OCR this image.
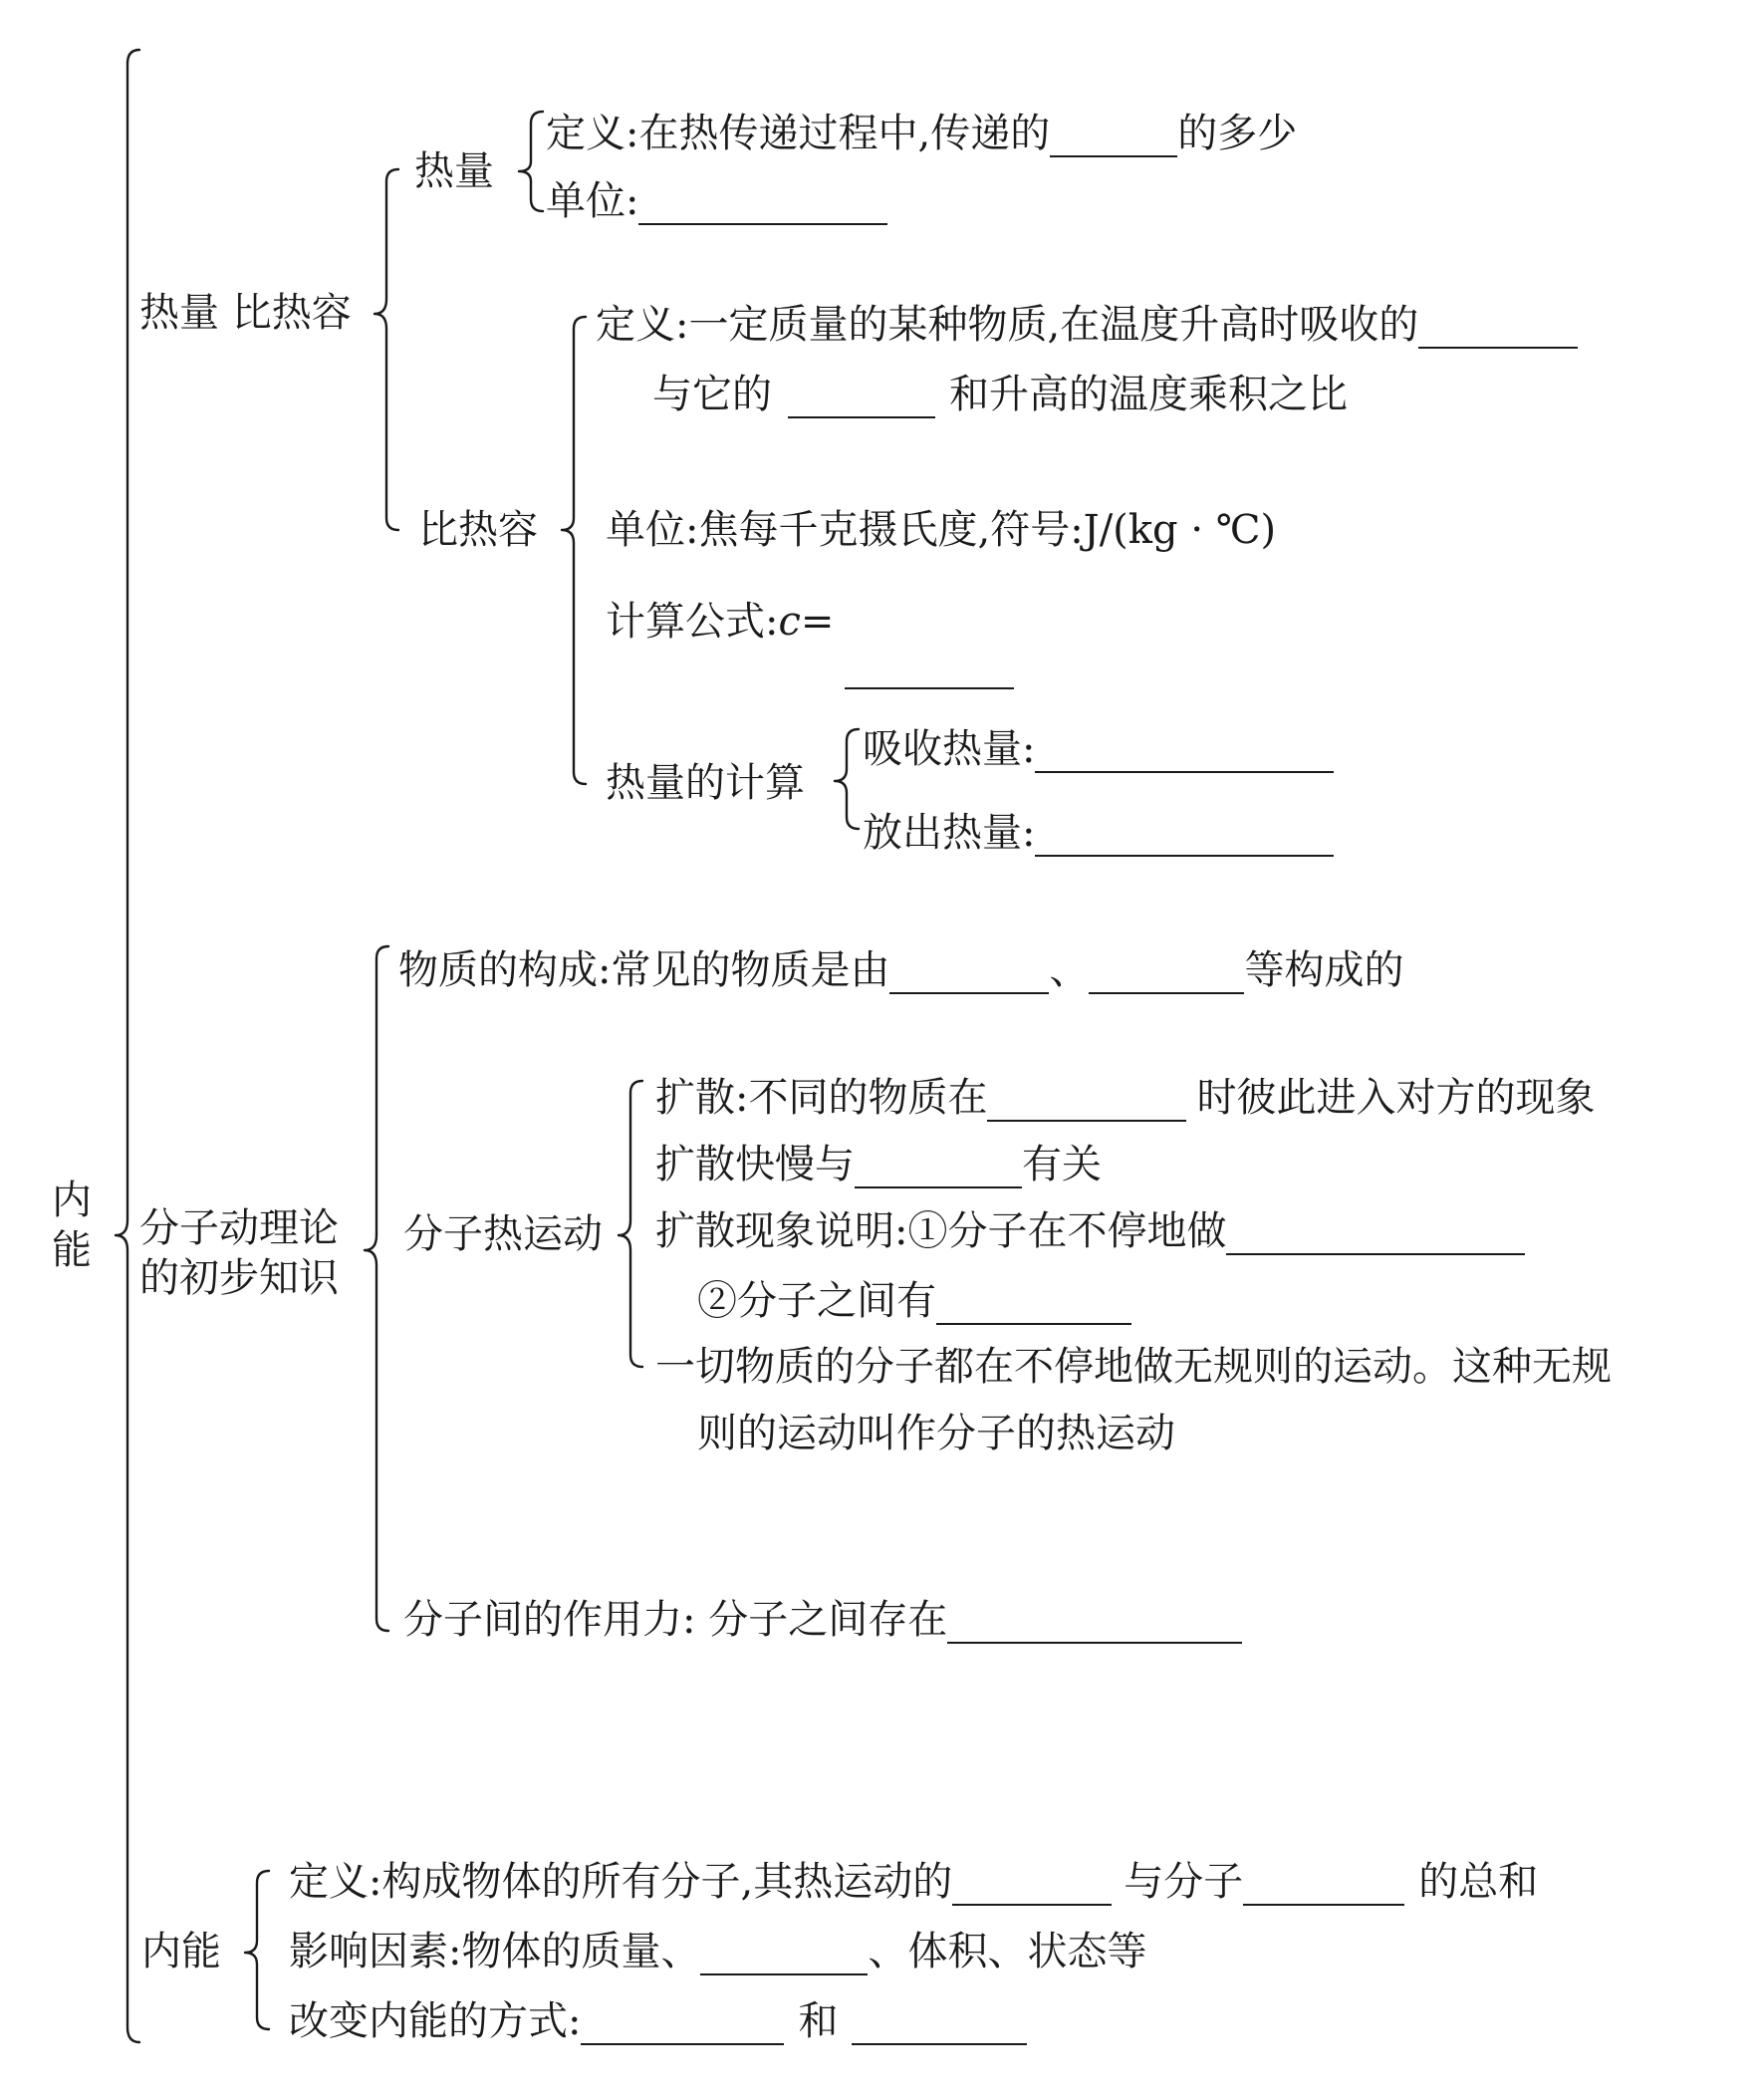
内
能
热量 比热容
热量
定义:在热传递过程中,传递的	的多少
单位:
比热容
定义:一定质量的某种物质,在温度升高时吸收的
与它的	和升高的温度乘积之比
单位:焦每千克摄氏度,符号:J/(kg · ℃)
计算公式:c=
热量的计算
吸收热量:
放出热量:
分子动理论
的初步知识
物质的构成:常见的物质是由	、	等构成的
分子热运动
扩散:不同的物质在	时彼此进入对方的现象
扩散快慢与	有关
扩散现象说明:①分子在不停地做
②分子之间有
一切物质的分子都在不停地做无规则的运动。这种无规
则的运动叫作分子的热运动
分子间的作用力: 分子之间存在
内能
定义:构成物体的所有分子,其热运动的	与分子	的总和
影响因素:物体的质量、	、体积、状态等
改变内能的方式:	和
